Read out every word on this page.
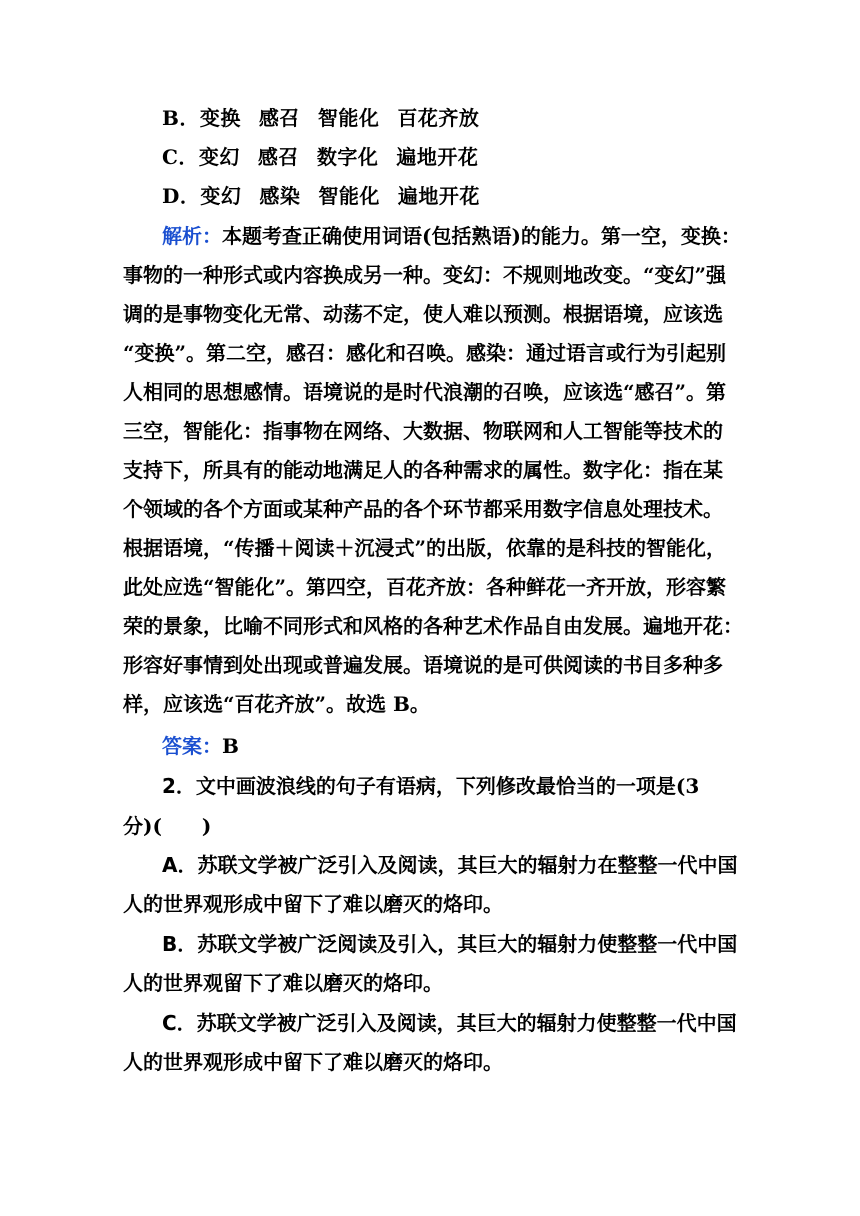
B．变换 感召 智能化 百花齐放
C．变幻 感召 数字化 遍地开花
D．变幻 感染 智能化 遍地开花
解析：本题考查正确使用词语(包括熟语)的能力。第一空，变换：
事物的一种形式或内容换成另一种。变幻：不规则地改变。“变幻”强
调的是事物变化无常、动荡不定，使人难以预测。根据语境，应该选
“变换”。第二空，感召：感化和召唤。感染：通过语言或行为引起别
人相同的思想感情。语境说的是时代浪潮的召唤，应该选“感召”。第
三空，智能化：指事物在网络、大数据、物联网和人工智能等技术的
支持下，所具有的能动地满足人的各种需求的属性。数字化：指在某
个领域的各个方面或某种产品的各个环节都采用数字信息处理技术。
根据语境，“传播＋阅读＋沉浸式”的出版，依靠的是科技的智能化，
此处应选“智能化”。第四空，百花齐放：各种鲜花一齐开放，形容繁
荣的景象，比喻不同形式和风格的各种艺术作品自由发展。遍地开花：
形容好事情到处出现或普遍发展。语境说的是可供阅读的书目多种多
样，应该选“百花齐放”。故选 B。
答案：B
2．文中画波浪线的句子有语病，下列修改最恰当的一项是(3
分)(　　)
A．苏联文学被广泛引入及阅读，其巨大的辐射力在整整一代中国
人的世界观形成中留下了难以磨灭的烙印。
B．苏联文学被广泛阅读及引入，其巨大的辐射力使整整一代中国
人的世界观留下了难以磨灭的烙印。
C．苏联文学被广泛引入及阅读，其巨大的辐射力使整整一代中国
人的世界观形成中留下了难以磨灭的烙印。
